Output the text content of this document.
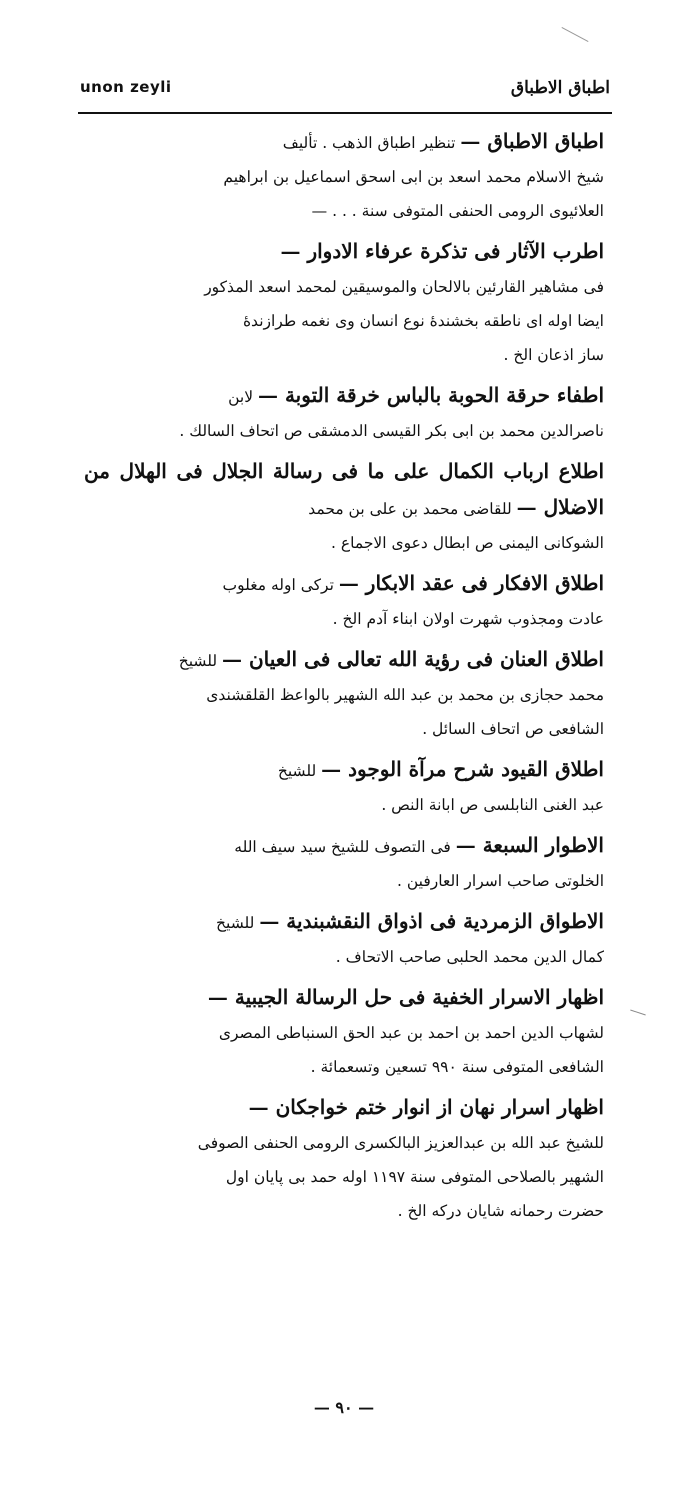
unon zeyli	اطباق الاطباق
اطباق الاطباق — تنظير اطباق الذهب . تأليف
شيخ الاسلام محمد اسعد بن ابى اسحق اسماعيل بن ابراهيم
العلائيوى الرومى الحنفى المتوفى سنة . . . —
اطرب الآثار فى تذكرة عرفاء الادوار —
فى مشاهير القارئين بالالحان والموسيقين لمحمد اسعد المذكور
ايضا اوله اى ناطقه بخشندهٔ نوع انسان وى نغمه طرازندهٔ
ساز اذعان الخ .
اطفاء حرقة الحوبة بالباس خرقة التوبة — لابن
ناصرالدين محمد بن ابى بكر القيسى الدمشقى ص اتحاف السالك .
اطلاع ارباب الكمال على ما فى رسالة الجلال فى الهلال من الاضلال — للقاضى محمد بن على بن محمد
الشوكانى اليمنى ص ابطال دعوى الاجماع .
اطلاق الافكار فى عقد الابكار — تركى اوله مغلوب
عادت ومجذوب شهرت اولان ابناء آدم الخ .
اطلاق العنان فى رؤية الله تعالى فى العيان — للشيخ
محمد حجازى بن محمد بن عبد الله الشهير بالواعظ القلقشندى
الشافعى ص اتحاف السائل .
اطلاق القيود شرح مرآة الوجود — للشيخ
عبد الغنى النابلسى ص ابانة النص .
الاطوار السبعة — فى التصوف للشيخ سيد سيف الله
الخلوتى صاحب اسرار العارفين .
الاطواق الزمردية فى اذواق النقشبندية — للشيخ
كمال الدين محمد الحلبى صاحب الاتحاف .
اظهار الاسرار الخفية فى حل الرسالة الجيبية —
لشهاب الدين احمد بن احمد بن عبد الحق السنباطى المصرى
الشافعى المتوفى سنة ۹۹۰ تسعين وتسعمائة .
اظهار اسرار نهان از انوار ختم خواجكان —
للشيخ عبد الله بن عبدالعزيز البالكسرى الرومى الحنفى الصوفى
الشهير بالصلاحى المتوفى سنة ۱۱۹۷ اوله حمد بى پايان اول
حضرت رحمانه شايان دركه الخ .
— ۹۰ —
